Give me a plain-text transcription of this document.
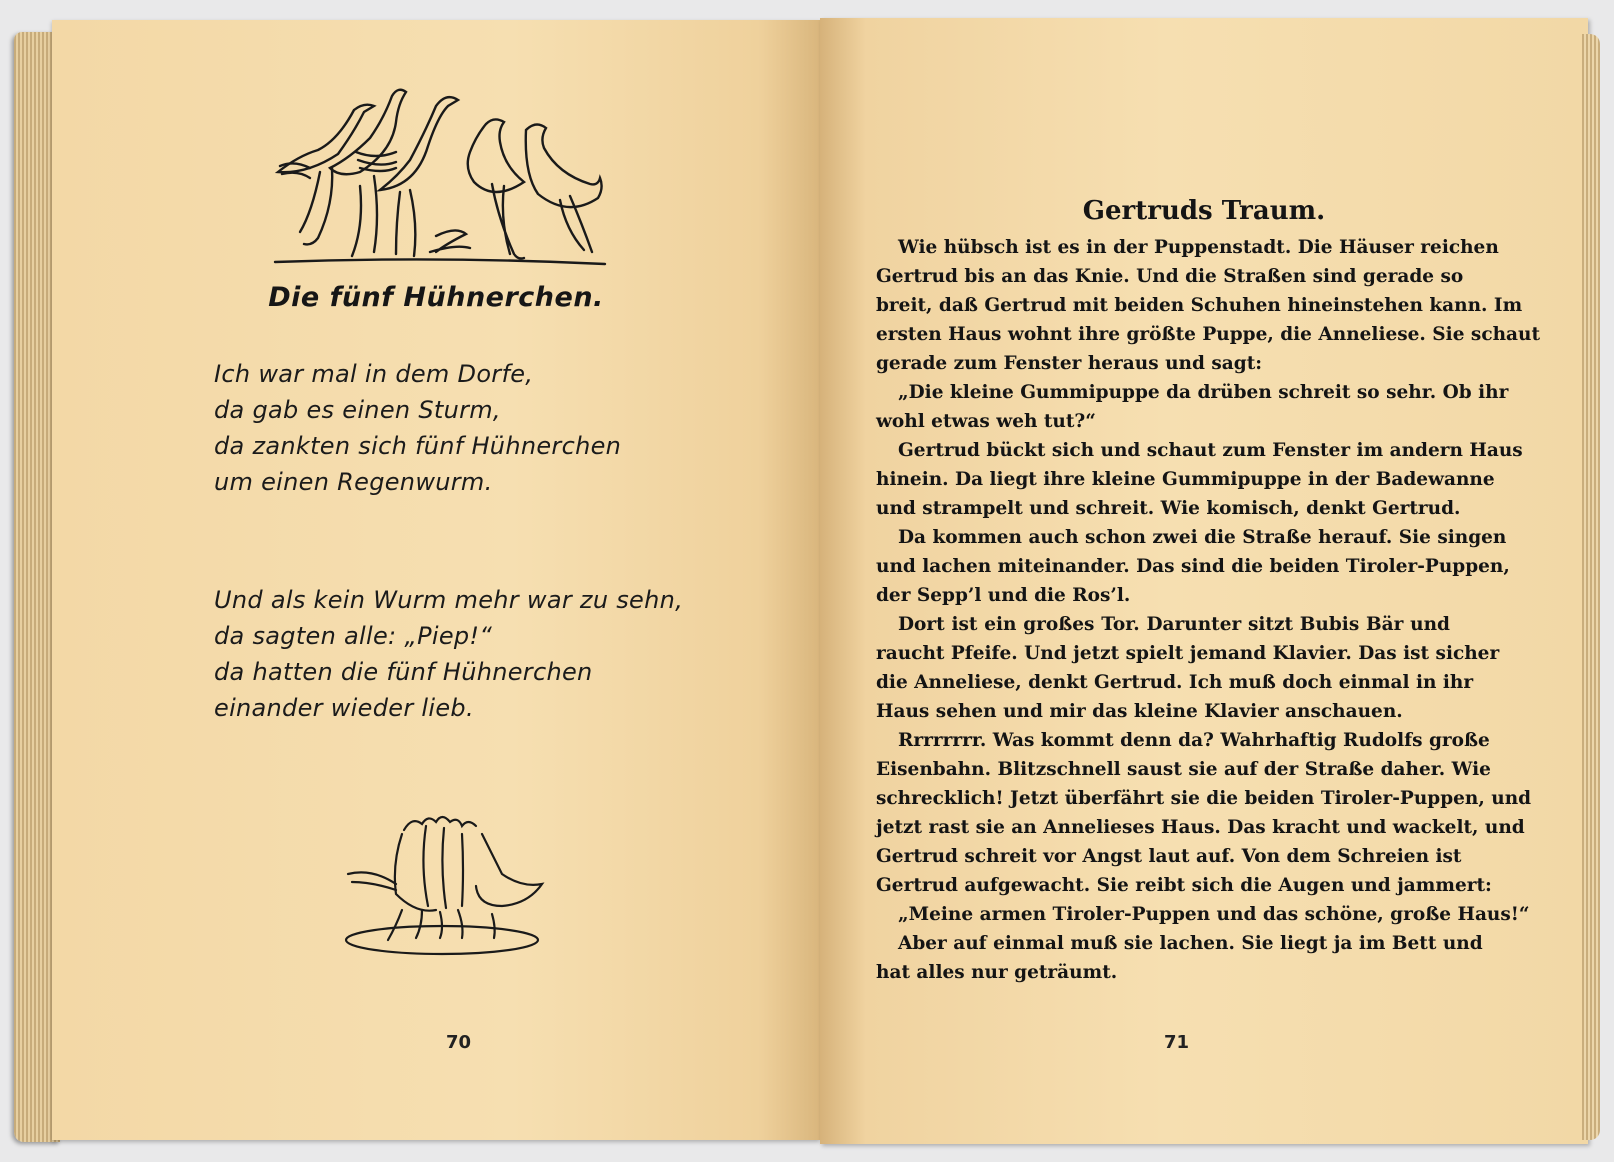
Die fünf Hühnerchen.

Ich war mal in dem Dorfe,

da gab es einen Sturm,

da zankten sich fünf Hühnerchen

um einen Regenwurm.

Und als kein Wurm mehr war zu sehn,

da sagten alle: „Piep!“

da hatten die fünf Hühnerchen

einander wieder lieb.

70
Gertruds Traum.

Wie hübsch ist es in der Puppenstadt. Die Häuser reichen

Gertrud bis an das Knie. Und die Straßen sind gerade so

breit, daß Gertrud mit beiden Schuhen hineinstehen kann. Im

ersten Haus wohnt ihre größte Puppe, die Anneliese. Sie schaut

gerade zum Fenster heraus und sagt:

„Die kleine Gummipuppe da drüben schreit so sehr. Ob ihr

wohl etwas weh tut?“

Gertrud bückt sich und schaut zum Fenster im andern Haus

hinein. Da liegt ihre kleine Gummipuppe in der Badewanne

und strampelt und schreit. Wie komisch, denkt Gertrud.

Da kommen auch schon zwei die Straße herauf. Sie singen

und lachen miteinander. Das sind die beiden Tiroler-Puppen,

der Sepp’l und die Ros’l.

Dort ist ein großes Tor. Darunter sitzt Bubis Bär und

raucht Pfeife. Und jetzt spielt jemand Klavier. Das ist sicher

die Anneliese, denkt Gertrud. Ich muß doch einmal in ihr

Haus sehen und mir das kleine Klavier anschauen.

Rrrrrrrr. Was kommt denn da? Wahrhaftig Rudolfs große

Eisenbahn. Blitzschnell saust sie auf der Straße daher. Wie

schrecklich! Jetzt überfährt sie die beiden Tiroler-Puppen, und

jetzt rast sie an Annelieses Haus. Das kracht und wackelt, und

Gertrud schreit vor Angst laut auf. Von dem Schreien ist

Gertrud aufgewacht. Sie reibt sich die Augen und jammert:

„Meine armen Tiroler-Puppen und das schöne, große Haus!“

Aber auf einmal muß sie lachen. Sie liegt ja im Bett und

hat alles nur geträumt.

71
